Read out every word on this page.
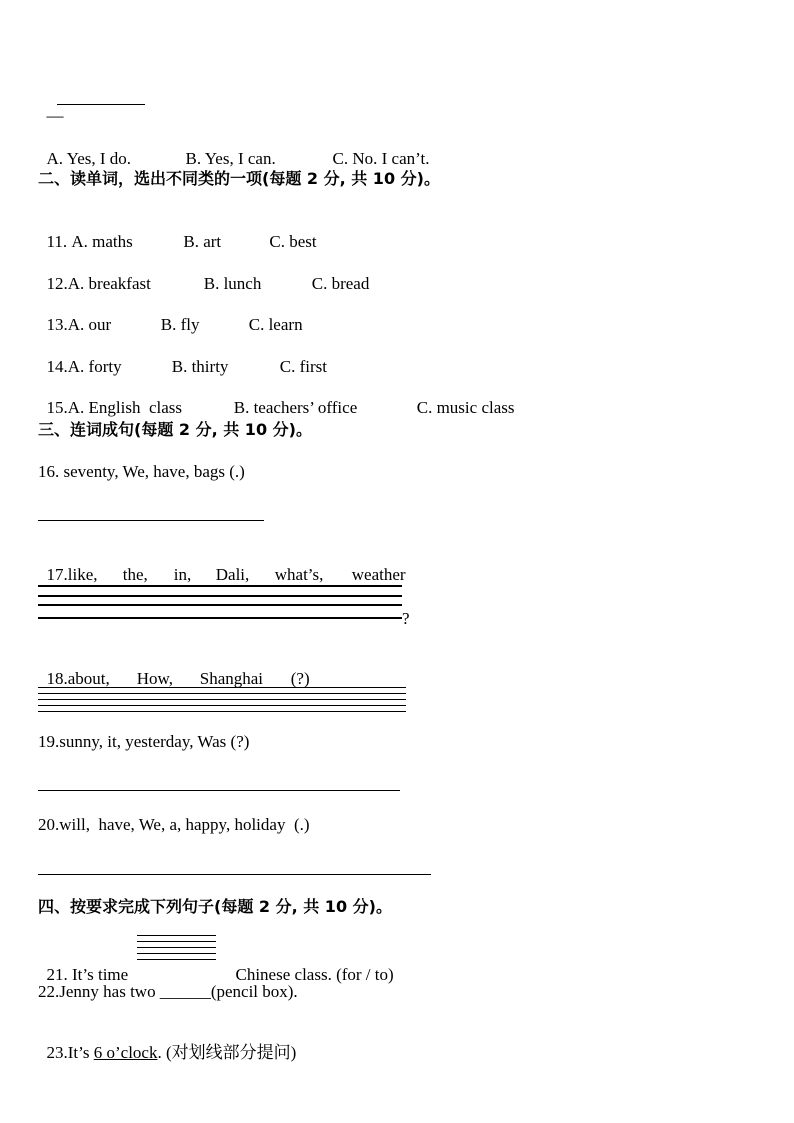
—

A. Yes, I do.	B. Yes, I can.	C. No. I can’t.

二、读单词，选出不同类的一项(每题 2 分, 共 10 分)。

11. A. maths	B. art	C. best

12.A. breakfast	B. lunch	C. bread

13.A. our	B. fly	C. learn

14.A. forty	B. thirty	C. first

15.A. English  class	B. teachers’ office	C. music class

三、连词成句(每题 2 分, 共 10 分)。
16. seventy, We, have, bags (.)

17.like, the, in, Dali, what’s, weather

?

18.about, How, Shanghai (?)

19.sunny, it, yesterday, Was (?)
20.will,  have, We, a, happy, holiday  (.)
四、按要求完成下列句子(每题 2 分, 共 10 分)。

21. It’s time	Chinese class. (for / to)

22.Jenny has two ______(pencil box).

23.It’s 6 o’clock. (对划线部分提问)
